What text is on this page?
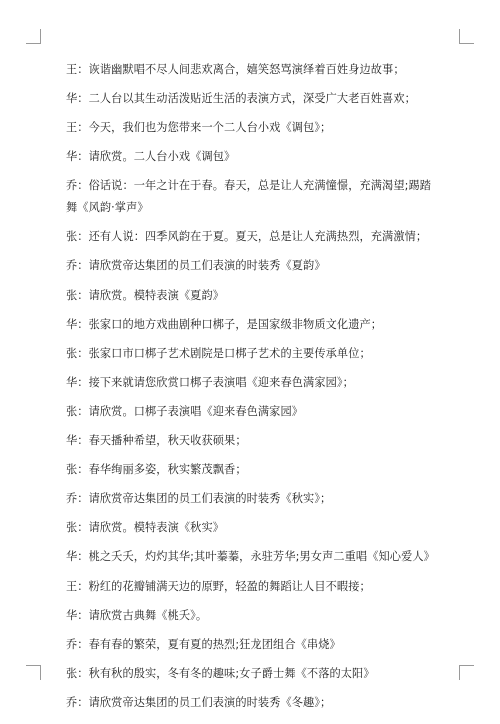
王：诙谐幽默唱不尽人间悲欢离合，嬉笑怒骂演绎着百姓身边故事；
华：二人台以其生动活泼贴近生活的表演方式，深受广大老百姓喜欢；
王：今天，我们也为您带来一个二人台小戏《调包》；
华：请欣赏。二人台小戏《调包》
乔：俗话说：一年之计在于春。春天，总是让人充满憧憬，充满渴望;踢踏舞《风韵·掌声》
张：还有人说：四季风韵在于夏。夏天，总是让人充满热烈，充满激情；
乔：请欣赏帝达集团的员工们表演的时装秀《夏韵》
张：请欣赏。模特表演《夏韵》
华：张家口的地方戏曲剧种口梆子，是国家级非物质文化遗产；
张：张家口市口梆子艺术剧院是口梆子艺术的主要传承单位；
华：接下来就请您欣赏口梆子表演唱《迎来春色满家园》；
张：请欣赏。口梆子表演唱《迎来春色满家园》
华：春天播种希望，秋天收获硕果；
张：春华绚丽多姿，秋实繁茂飘香；
乔：请欣赏帝达集团的员工们表演的时装秀《秋实》；
张：请欣赏。模特表演《秋实》
华：桃之夭夭，灼灼其华;其叶蓁蓁，永驻芳华;男女声二重唱《知心爱人》
王：粉红的花瓣铺满天边的原野，轻盈的舞蹈让人目不暇接；
华：请欣赏古典舞《桃夭》。
乔：春有春的繁荣，夏有夏的热烈;狂龙团组合《串烧》
张：秋有秋的殷实，冬有冬的趣味;女子爵士舞《不落的太阳》
乔：请欣赏帝达集团的员工们表演的时装秀《冬趣》；
